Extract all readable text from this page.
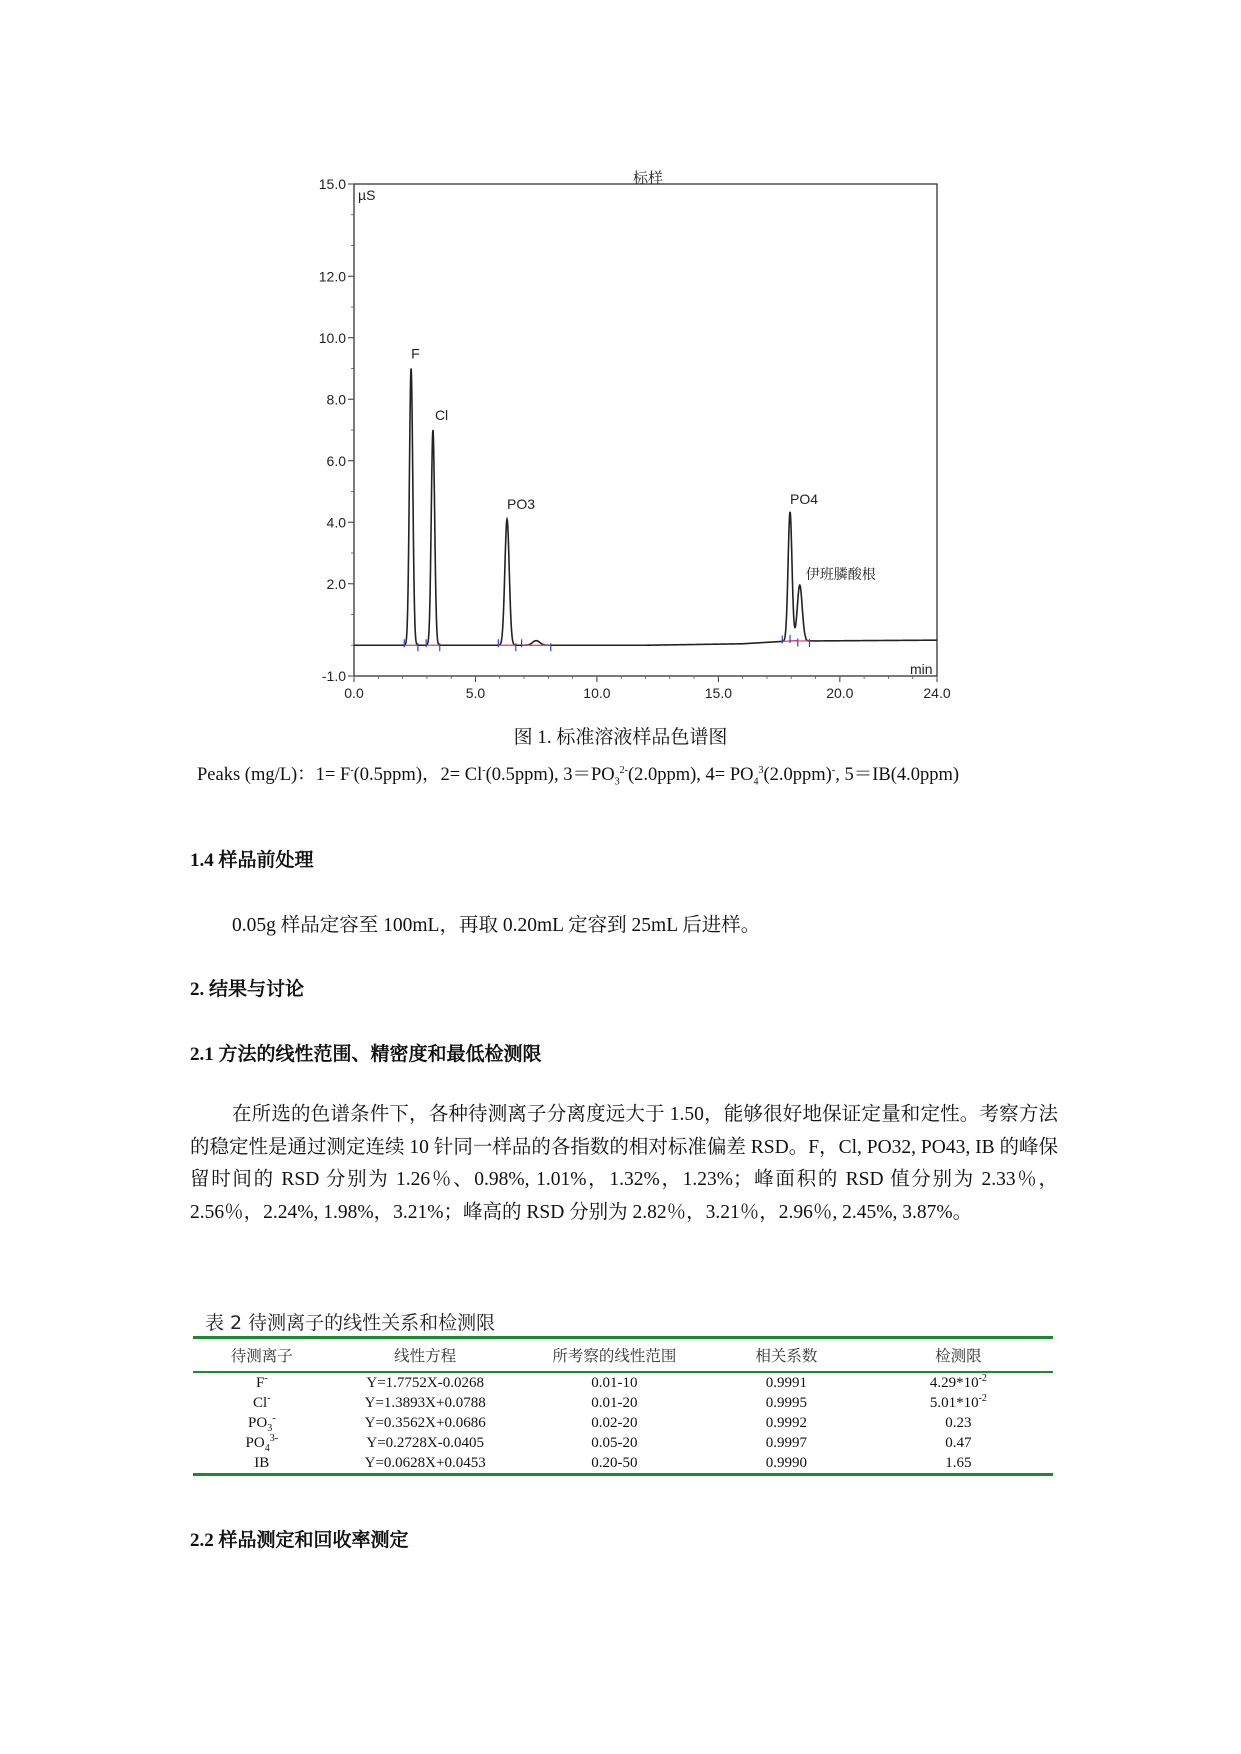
标样
µS
min
-1.0
2.0
4.0
6.0
8.0
10.0
12.0
15.0
0.0	5.0	10.0	15.0	20.0	24.0
F
Cl
PO3	PO4
伊班膦酸根
图 1. 标准溶液样品色谱图
Peaks (mg/L)：1= F-(0.5ppm)，2= Cl-(0.5ppm), $3=PO_3^{2-}(2.0ppm)$, $4= PO_4^3(2.0ppm)^-$, 5＝IB(4.0ppm)
1.4 样品前处理
0.05g 样品定容至 100mL，再取 0.20mL 定容到 25mL 后进样。
2. 结果与讨论
2.1 方法的线性范围、精密度和最低检测限

在所选的色谱条件下，各种待测离子分离度远大于 1.50，能够很好地保证定量和定性。考察方法的稳定性是通过测定连续 10 针同一样品的各指数的相对标准偏差 RSD。F，Cl, PO32, PO43, IB 的峰保留时间的 RSD 分别为 1.26％、0.98%, 1.01%，1.32%，1.23%；峰面积的 RSD 值分别为 2.33％，2.56％，2.24%, 1.98%，3.21%；峰高的 RSD 分别为 2.82％，3.21％，2.96％, 2.45%, 3.87%。

表 2 待测离子的线性关系和检测限
待测离子	线性方程	所考察的线性范围	相关系数	检测限
F-	Y=1.7752X-0.0268	0.01-10	0.9991	$4.29*10^{-2}$
Cl-	Y=1.3893X+0.0788	0.01-20	0.9995	$5.01*10^{-2}$
$PO_3^-$	Y=0.3562X+0.0686	0.02-20	0.9992	0.23
$PO_4^{3-}$	Y=0.2728X-0.0405	0.05-20	0.9997	0.47
IB	Y=0.0628X+0.0453	0.20-50	0.9990	1.65
2.2 样品测定和回收率测定
